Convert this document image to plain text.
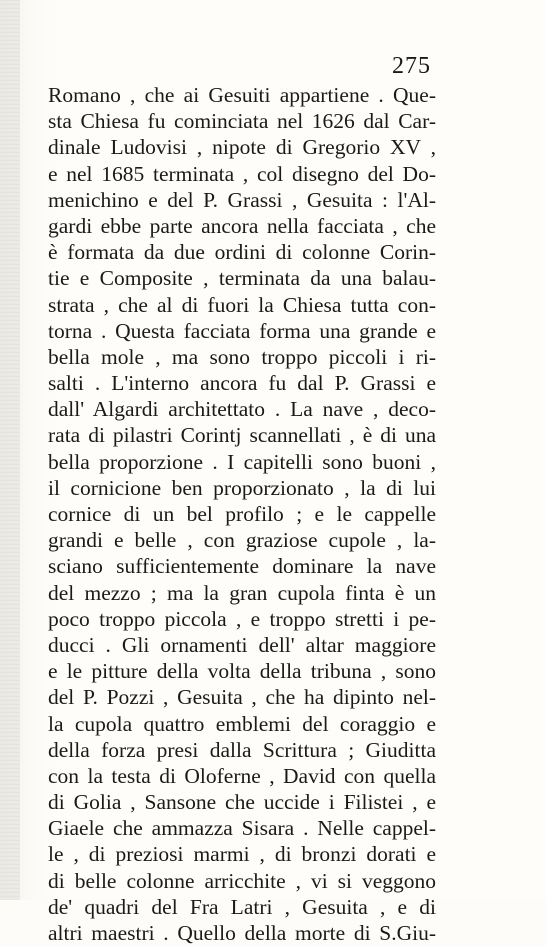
275

Romano , che ai Gesuiti appartiene . Que-
sta Chiesa fu cominciata nel 1626 dal Car-
dinale Ludovisi , nipote di Gregorio XV ,
e nel 1685 terminata , col disegno del Do-
menichino e del P. Grassi , Gesuita : l'Al-
gardi ebbe parte ancora nella facciata , che
è formata da due ordini di colonne Corin-
tie e Composite , terminata da una balau-
strata , che al di fuori la Chiesa tutta con-
torna . Questa facciata forma una grande e
bella mole , ma sono troppo piccoli i ri-
salti . L'interno ancora fu dal P. Grassi e
dall' Algardi architettato . La nave , deco-
rata di pilastri Corintj scannellati , è di una
bella proporzione . I capitelli sono buoni ,
il cornicione ben proporzionato , la di lui
cornice di un bel profilo ; e le cappelle
grandi e belle , con graziose cupole , la-
sciano sufficientemente dominare la nave
del mezzo ; ma la gran cupola finta è un
poco troppo piccola , e troppo stretti i pe-
ducci . Gli ornamenti dell' altar maggiore
e le pitture della volta della tribuna , sono
del P. Pozzi , Gesuita , che ha dipinto nel-
la cupola quattro emblemi del coraggio e
della forza presi dalla Scrittura ; Giuditta
con la testa di Oloferne , David con quella
di Golia , Sansone che uccide i Filistei , e
Giaele che ammazza Sisara . Nelle cappel-
le , di preziosi marmi , di bronzi dorati e
di belle colonne arricchite , vi si veggono
de' quadri del Fra Latri , Gesuita , e di
altri maestri . Quello della morte di S.Giu-
